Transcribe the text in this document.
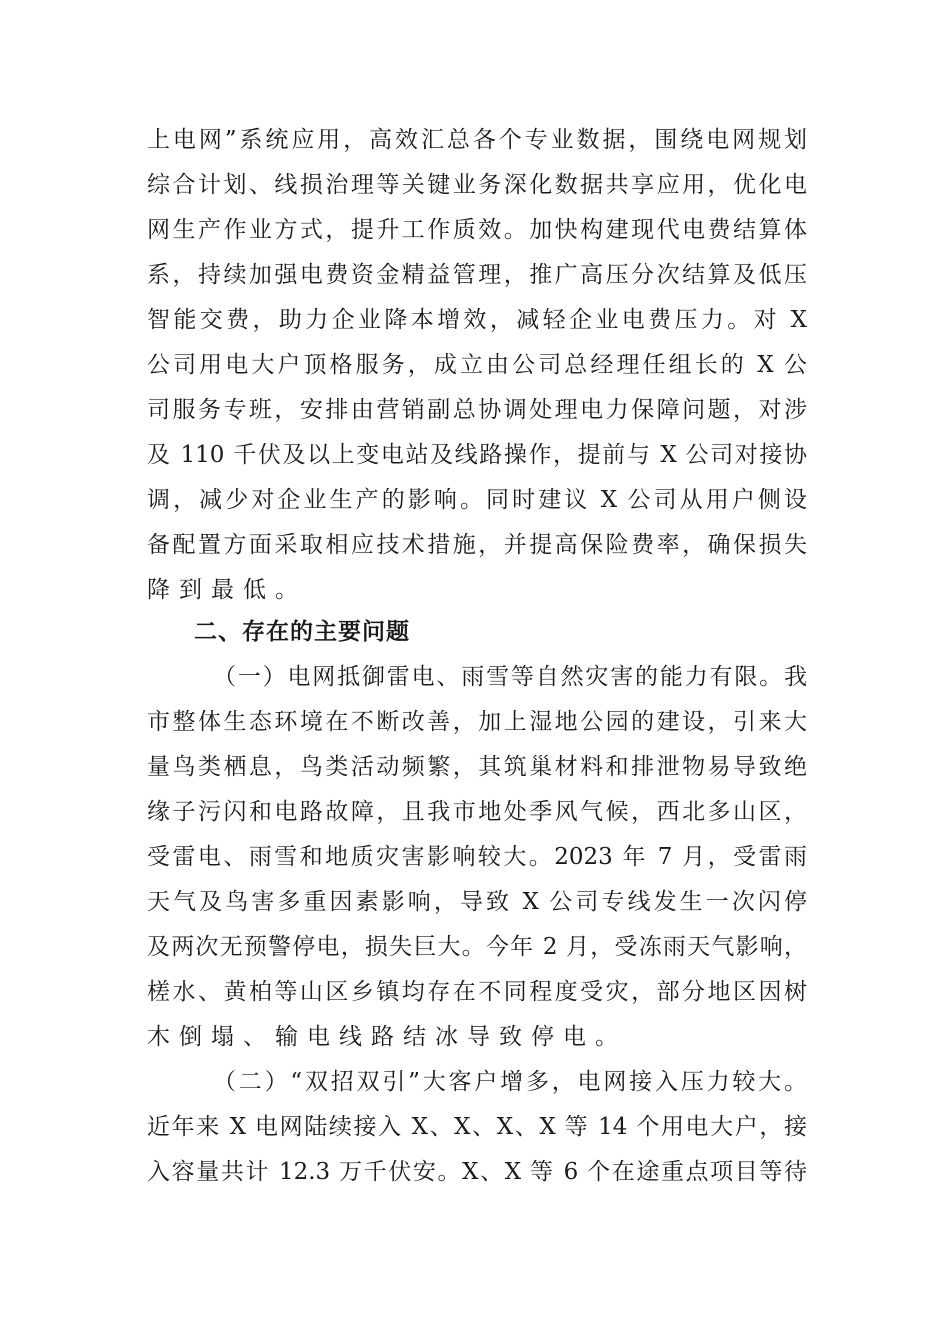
上电网”系统应用，高效汇总各个专业数据，围绕电网规划
综合计划、线损治理等关键业务深化数据共享应用，优化电
网生产作业方式，提升工作质效。加快构建现代电费结算体
系，持续加强电费资金精益管理，推广高压分次结算及低压
智能交费，助力企业降本增效，减轻企业电费压力。对 X
公司用电大户顶格服务，成立由公司总经理任组长的 X 公
司服务专班，安排由营销副总协调处理电力保障问题，对涉
及 110 千伏及以上变电站及线路操作，提前与 X 公司对接协
调，减少对企业生产的影响。同时建议 X 公司从用户侧设
备配置方面采取相应技术措施，并提高保险费率，确保损失
降到最低。
二、存在的主要问题
（一）电网抵御雷电、雨雪等自然灾害的能力有限。我
市整体生态环境在不断改善，加上湿地公园的建设，引来大
量鸟类栖息，鸟类活动频繁，其筑巢材料和排泄物易导致绝
缘子污闪和电路故障，且我市地处季风气候，西北多山区，
受雷电、雨雪和地质灾害影响较大。2023 年 7 月，受雷雨
天气及鸟害多重因素影响，导致 X 公司专线发生一次闪停
及两次无预警停电，损失巨大。今年 2 月，受冻雨天气影响，
槎水、黄柏等山区乡镇均存在不同程度受灾，部分地区因树
木倒塌、输电线路结冰导致停电。
（二）“双招双引”大客户增多，电网接入压力较大。
近年来 X 电网陆续接入 X、X、X、X 等 14 个用电大户，接
入容量共计 12.3 万千伏安。X、X 等 6 个在途重点项目等待
